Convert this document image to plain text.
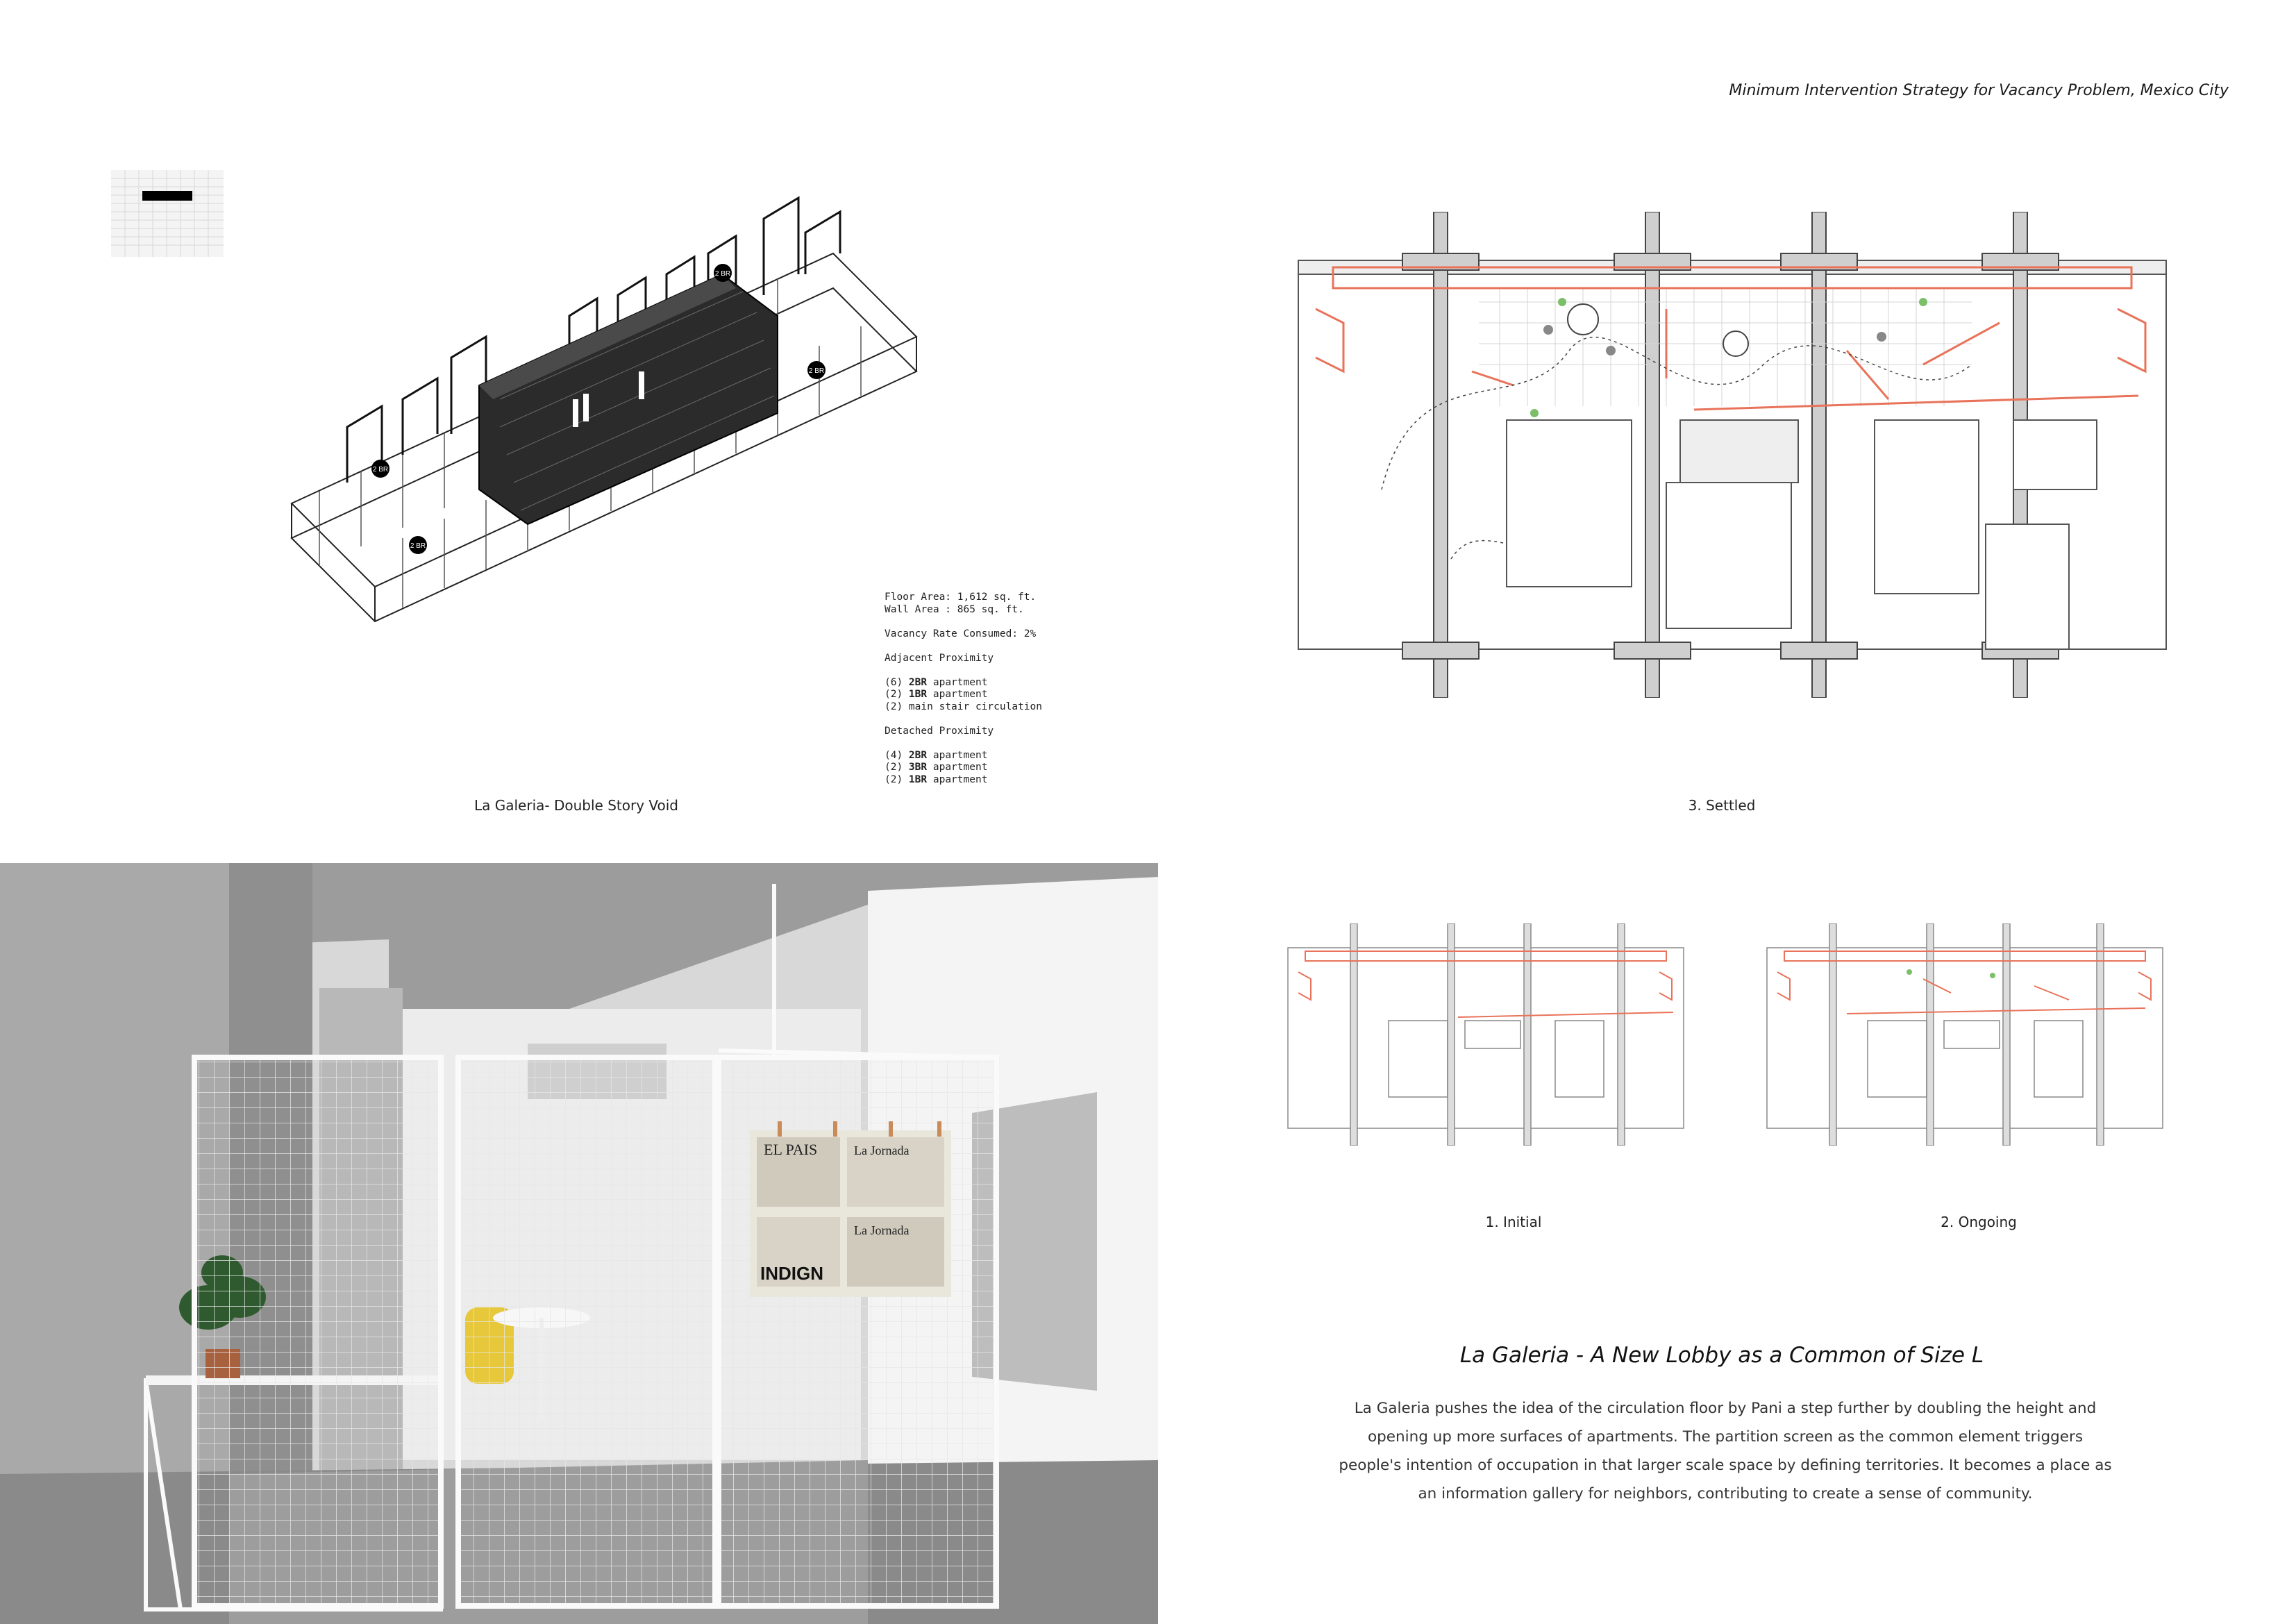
Minimum Intervention Strategy for Vacancy Problem, Mexico City
2 BR
2 BR
2 BR
2 BR
Floor Area: 1,612 sq. ft.
Wall Area : 865 sq. ft.
Vacancy Rate Consumed: 2%
Adjacent Proximity
(6) 2BR apartment
(2) 1BR apartment
(2) main stair circulation
Detached Proximity
(4) 2BR apartment
(2) 3BR apartment
(2) 1BR apartment
La Galeria- Double Story Void	3. Settled
1. Initial	2. Ongoing
EL PAIS	La Jornada
La Jornada
INDIGN
La Galeria - A New Lobby as a Common of Size L
La Galeria pushes the idea of the circulation floor by Pani a step further by doubling the height and opening up more surfaces of apartments. The partition screen as the common element triggers people's intention of occupation in that larger scale space by defining territories. It becomes a place as an information gallery for neighbors, contributing to create a sense of community.
